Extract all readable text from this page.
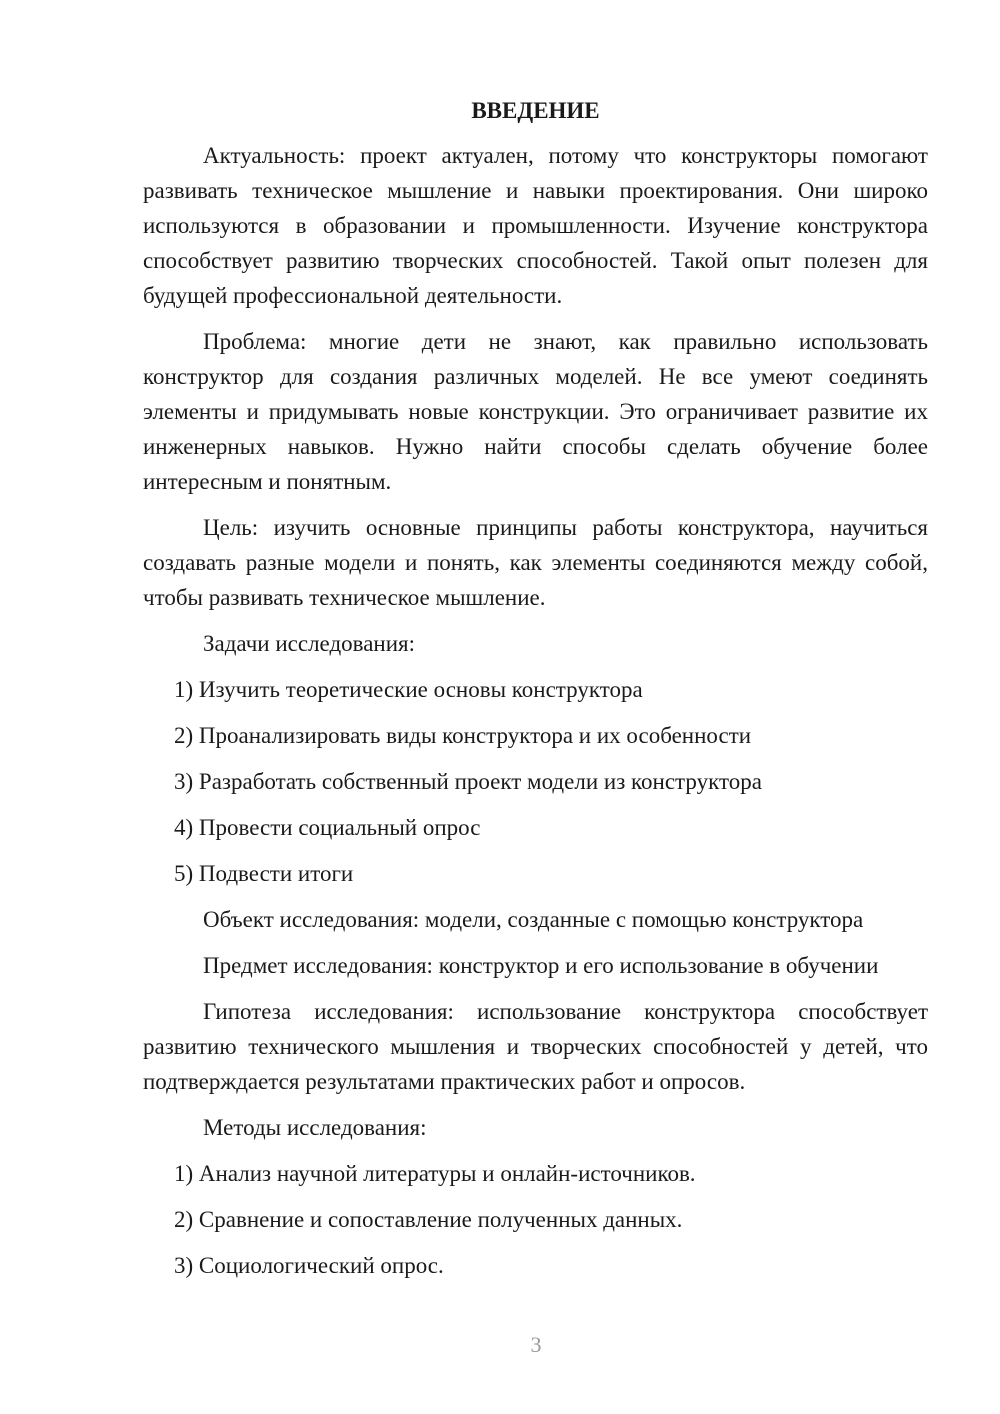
ВВЕДЕНИЕ

Актуальность: проект актуален, потому что конструкторы помогают развивать техническое мышление и навыки проектирования. Они широко используются в образовании и промышленности. Изучение конструктора способствует развитию творческих способностей. Такой опыт полезен для будущей профессиональной деятельности.

Проблема: многие дети не знают, как правильно использовать конструктор для создания различных моделей. Не все умеют соединять элементы и придумывать новые конструкции. Это ограничивает развитие их инженерных навыков. Нужно найти способы сделать обучение более интересным и понятным.

Цель: изучить основные принципы работы конструктора, научиться создавать разные модели и понять, как элементы соединяются между собой, чтобы развивать техническое мышление.

Задачи исследования:

1) Изучить теоретические основы конструктора
2) Проанализировать виды конструктора и их особенности
3) Разработать собственный проект модели из конструктора
4) Провести социальный опрос
5) Подвести итоги

Объект исследования: модели, созданные с помощью конструктора

Предмет исследования: конструктор и его использование в обучении

Гипотеза исследования: использование конструктора способствует развитию технического мышления и творческих способностей у детей, что подтверждается результатами практических работ и опросов.

Методы исследования:

1) Анализ научной литературы и онлайн-источников.
2) Сравнение и сопоставление полученных данных.
3) Социологический опрос.
3
